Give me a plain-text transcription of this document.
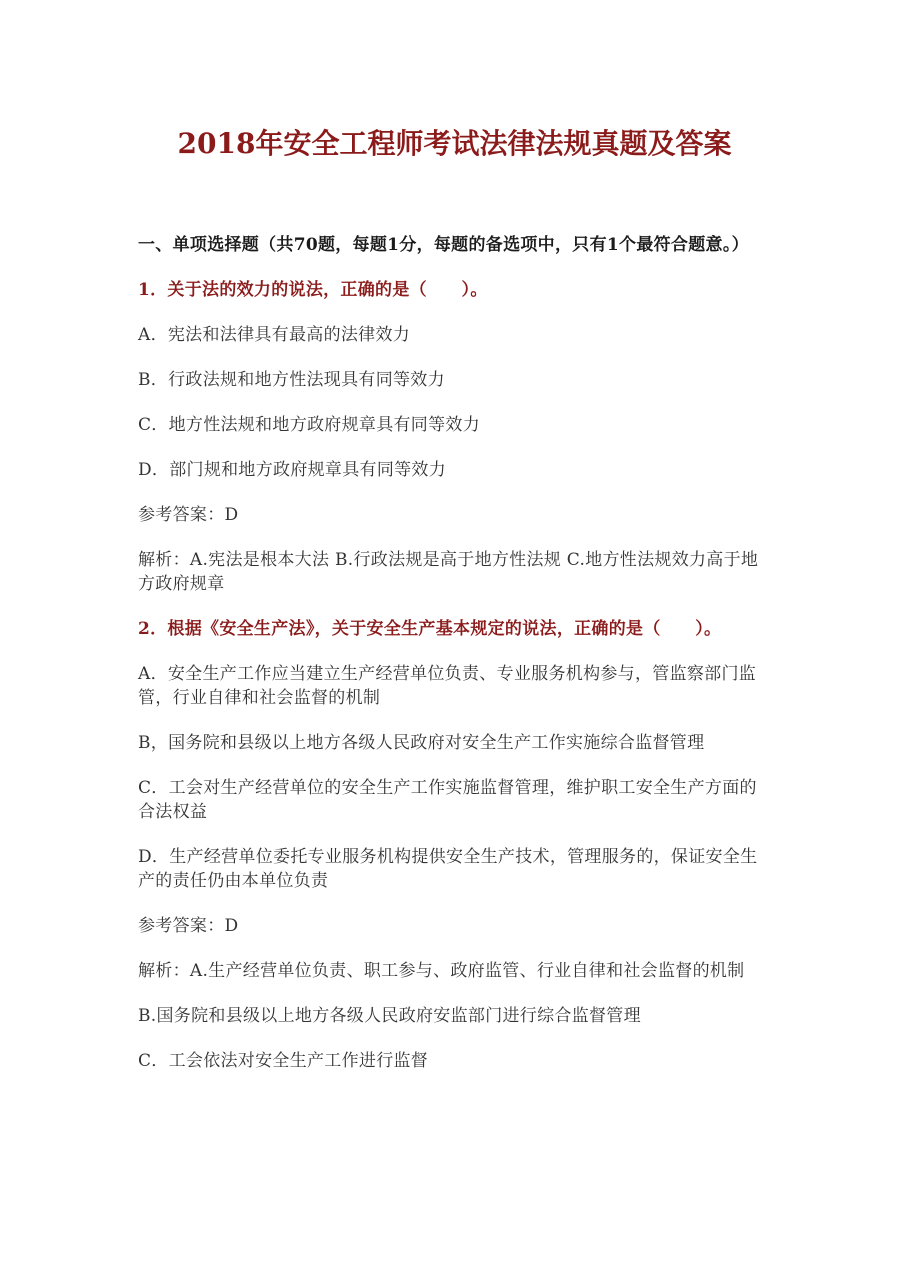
2018年安全工程师考试法律法规真题及答案

一、单项选择题（共70题，每题1分，每题的备选项中，只有1个最符合题意。）

1．关于法的效力的说法，正确的是（　　）。

A．宪法和法律具有最高的法律效力

B．行政法规和地方性法现具有同等效力

C．地方性法规和地方政府规章具有同等效力

D．部门规和地方政府规章具有同等效力

参考答案：D

解析：A.宪法是根本大法 B.行政法规是高于地方性法规 C.地方性法规效力高于地方政府规章

2．根据《安全生产法》，关于安全生产基本规定的说法，正确的是（　　）。

A．安全生产工作应当建立生产经营单位负责、专业服务机构参与，管监察部门监管，行业自律和社会监督的机制

B，国务院和县级以上地方各级人民政府对安全生产工作实施综合监督管理

C．工会对生产经营单位的安全生产工作实施监督管理，维护职工安全生产方面的合法权益

D．生产经营单位委托专业服务机构提供安全生产技术，管理服务的，保证安全生产的责任仍由本单位负责

参考答案：D

解析：A.生产经营单位负责、职工参与、政府监管、行业自律和社会监督的机制

B.国务院和县级以上地方各级人民政府安监部门进行综合监督管理

C．工会依法对安全生产工作进行监督
